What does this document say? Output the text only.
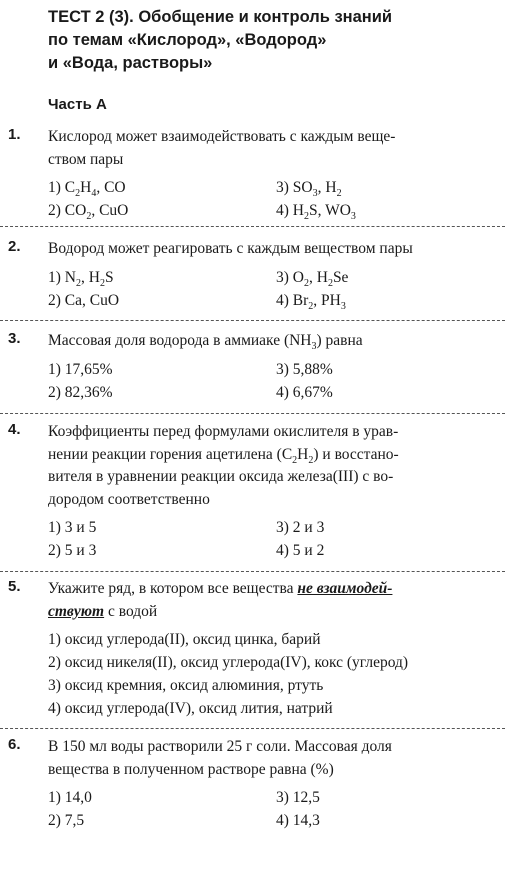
ТЕСТ 2 (3). Обобщение и контроль знаний
по темам «Кислород», «Водород»
и «Вода, растворы»
Часть А
1. Кислород может взаимодействовать с каждым веще-
ством пары
1) $C_2H_4$, CO	3) $SO_3$, $H_2$
2) $CO_2$, CuO	4) $H_2S$, $WO_3$
2. Водород может реагировать с каждым веществом пары
1) $N_2$, $H_2S$	3) $O_2$, $H_2Se$
2) Ca, CuO	4) $Br_2$, $PH_3$
3. Массовая доля водорода в аммиаке $(NH_3)$ равна
1) 17,65%	3) 5,88%
2) 82,36%	4) 6,67%
4. Коэффициенты перед формулами окислителя в урав-
нении реакции горения ацетилена $(C_2H_2)$ и восстано-
вителя в уравнении реакции оксида железа(III) с во-
дородом соответственно
1) 3 и 5	3) 2 и 3
2) 5 и 3	4) 5 и 2
5. Укажите ряд, в котором все вещества не взаимодей-
ствуют с водой
1) оксид углерода(II), оксид цинка, барий
2) оксид никеля(II), оксид углерода(IV), кокс (углерод)
3) оксид кремния, оксид алюминия, ртуть
4) оксид углерода(IV), оксид лития, натрий
6. В 150 мл воды растворили 25 г соли. Массовая доля
вещества в полученном растворе равна (%)
1) 14,0	3) 12,5
2) 7,5	4) 14,3
